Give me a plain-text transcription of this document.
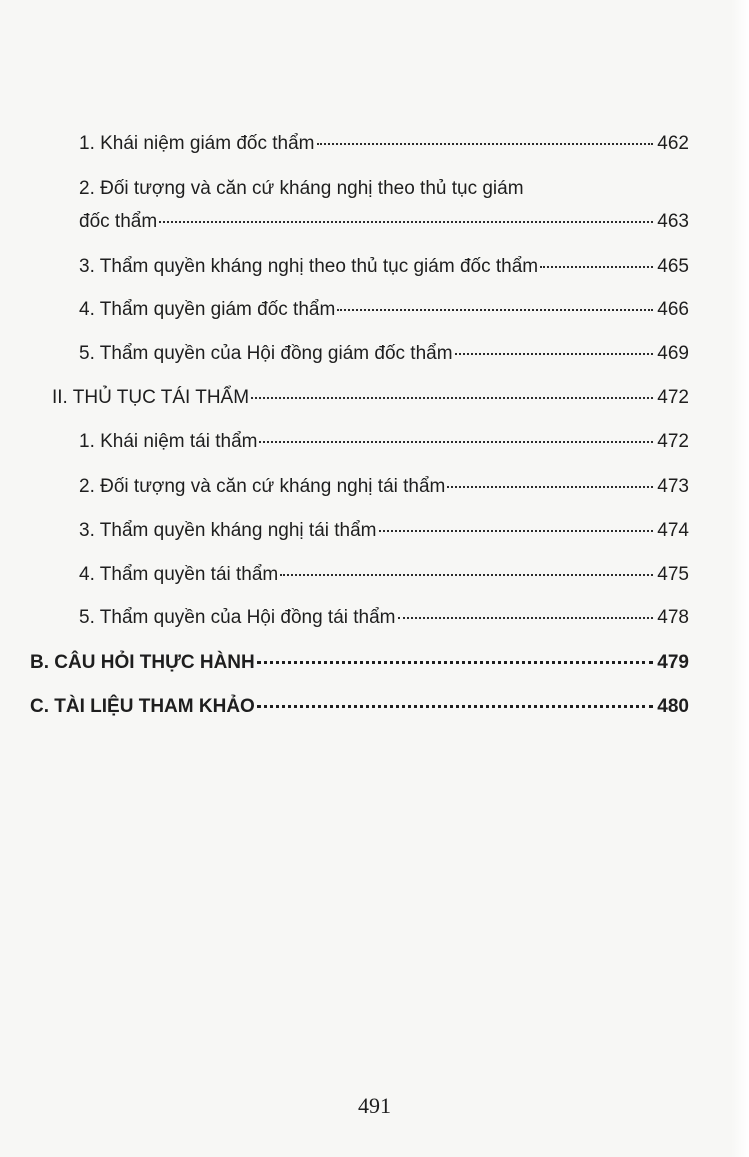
1. Khái niệm giám đốc thẩm	462
2. Đối tượng và căn cứ kháng nghị theo thủ tục giám
đốc thẩm	463
3. Thẩm quyền kháng nghị theo thủ tục giám đốc thẩm	465
4. Thẩm quyền giám đốc thẩm	466
5. Thẩm quyền của Hội đồng giám đốc thẩm	469
II. THỦ TỤC TÁI THẨM	472
1. Khái niệm tái thẩm	472
2. Đối tượng và căn cứ kháng nghị tái thẩm	473
3. Thẩm quyền kháng nghị tái thẩm	474
4. Thẩm quyền tái thẩm	475
5. Thẩm quyền của Hội đồng tái thẩm	478
B. CÂU HỎI THỰC HÀNH	479
C. TÀI LIỆU THAM KHẢO	480
491
